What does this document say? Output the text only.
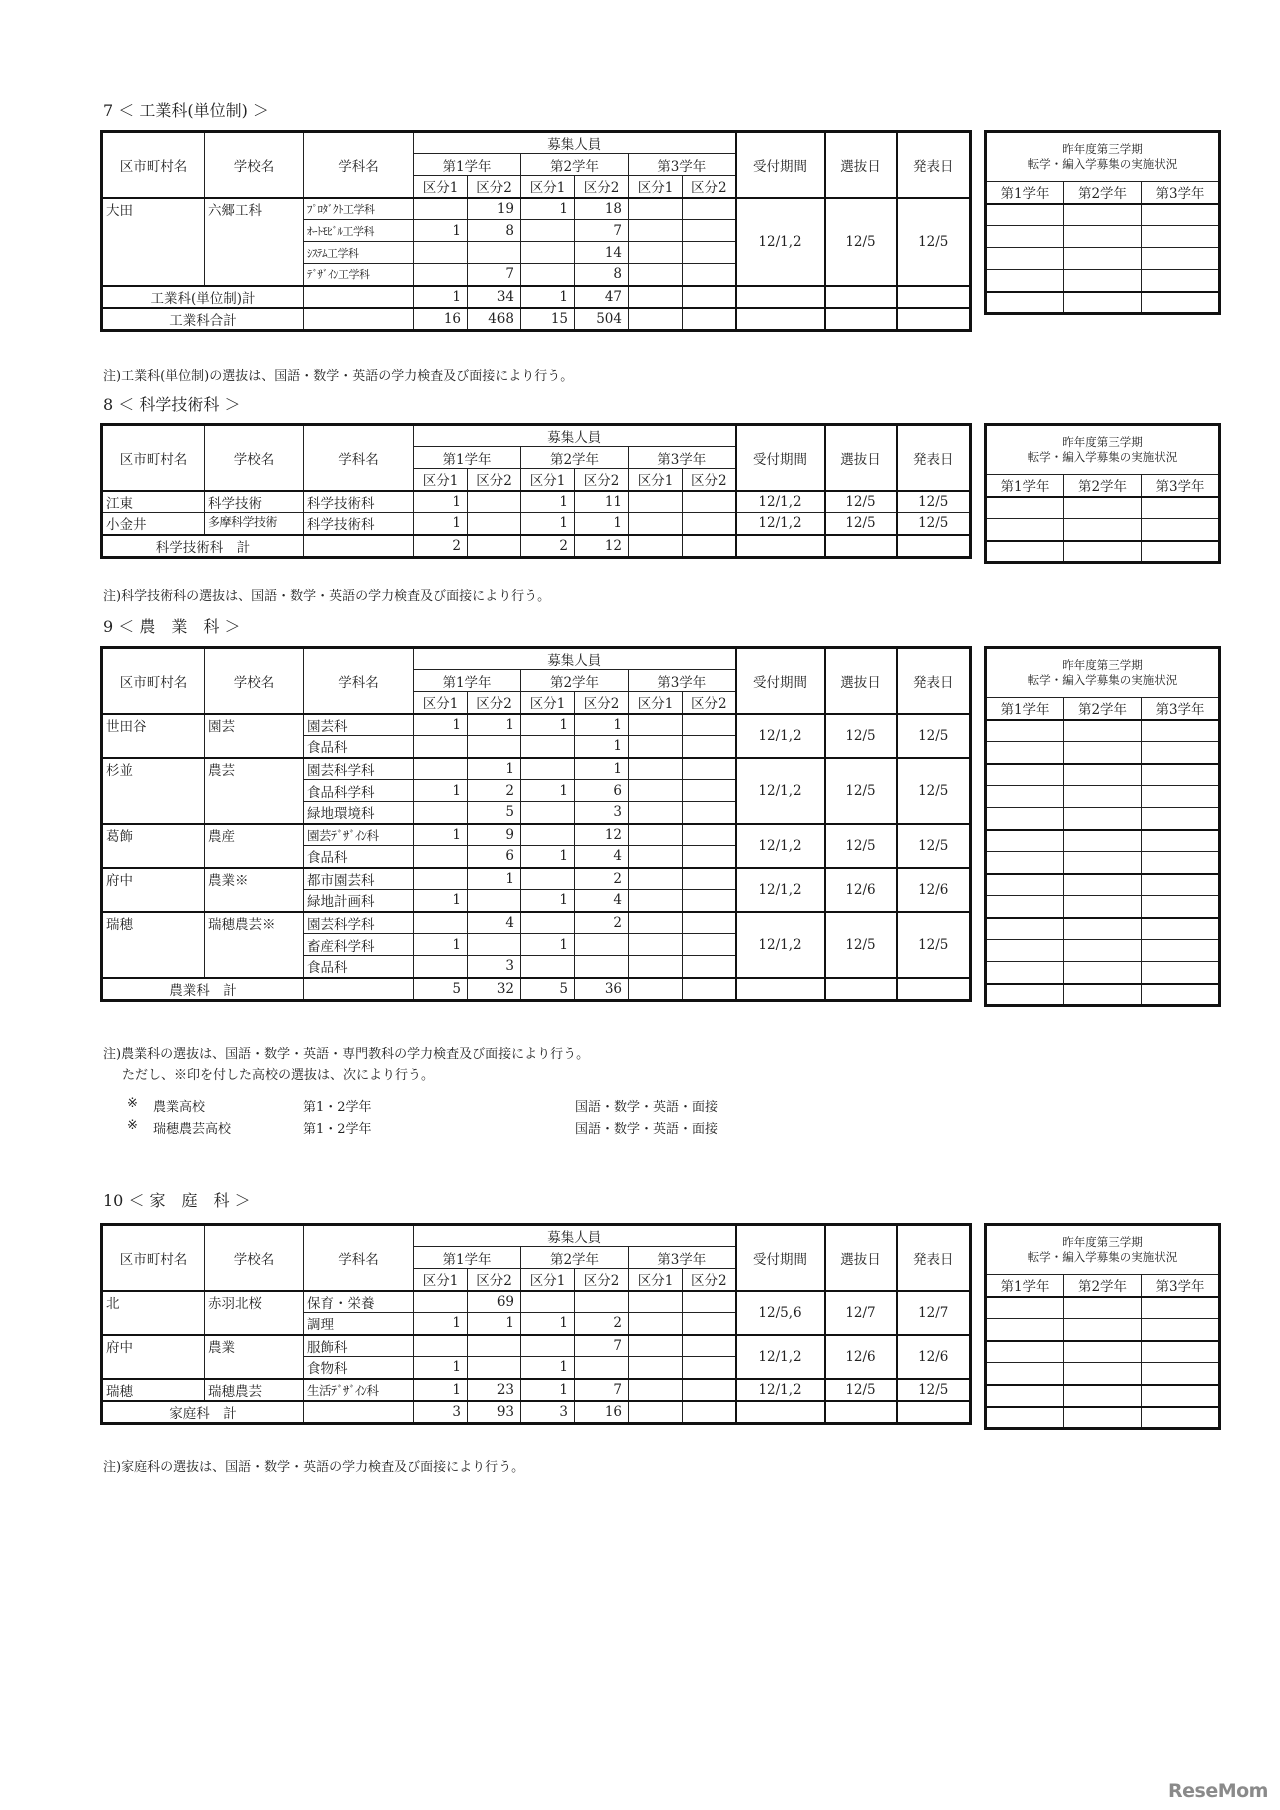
7 ＜ 工業科(単位制) ＞
区市町村名	学校名	学科名	募集人員						受付期間	選抜日	発表日
			第1学年		第2学年		第3学年				
			区分1	区分2	区分1	区分2	区分1	区分2			
大田	六郷工科	ﾌﾟﾛﾀﾞｸﾄ工学科		19	1	18			12/1,2	12/5	12/5
		ｵｰﾄﾓﾋﾞﾙ工学科	1	8		7					
		ｼｽﾃﾑ工学科				14					
		ﾃﾞｻﾞｲﾝ工学科		7		8					
工業科(単位制)計			1	34	1	47					
工業科合計			16	468	15	504					
昨年度第三学期
転学・編入学募集の実施状況		
第1学年	第2学年	第3学年

注)工業科(単位制)の選抜は、国語・数学・英語の学力検査及び面接により行う。
8 ＜ 科学技術科 ＞
区市町村名	学校名	学科名	募集人員						受付期間	選抜日	発表日
			第1学年		第2学年		第3学年				
			区分1	区分2	区分1	区分2	区分1	区分2			
江東	科学技術	科学技術科	1		1	11			12/1,2	12/5	12/5
小金井	多摩科学技術	科学技術科	1		1	1			12/1,2	12/5	12/5
科学技術科　計			2		2	12					
昨年度第三学期
転学・編入学募集の実施状況		
第1学年	第2学年	第3学年

注)科学技術科の選抜は、国語・数学・英語の学力検査及び面接により行う。
9 ＜ 農　業　科 ＞
区市町村名	学校名	学科名	募集人員						受付期間	選抜日	発表日
			第1学年		第2学年		第3学年				
			区分1	区分2	区分1	区分2	区分1	区分2			
世田谷	園芸	園芸科	1	1	1	1			12/1,2	12/5	12/5
		食品科				1					
杉並	農芸	園芸科学科		1		1			12/1,2	12/5	12/5
		食品科学科	1	2	1	6					
		緑地環境科		5		3					
葛飾	農産	園芸ﾃﾞｻﾞｲﾝ科	1	9		12			12/1,2	12/5	12/5
		食品科		6	1	4					
府中	農業※	都市園芸科		1		2			12/1,2	12/6	12/6
		緑地計画科	1		1	4					
瑞穂	瑞穂農芸※	園芸科学科		4		2			12/1,2	12/5	12/5
		畜産科学科	1		1						
		食品科		3							
農業科　計			5	32	5	36					
昨年度第三学期
転学・編入学募集の実施状況		
第1学年	第2学年	第3学年

注)農業科の選抜は、国語・数学・英語・専門教科の学力検査及び面接により行う。
ただし、※印を付した高校の選抜は、次により行う。
※ 農業高校	第1・2学年	国語・数学・英語・面接
※ 瑞穂農芸高校	第1・2学年	国語・数学・英語・面接
10 ＜ 家　庭　科 ＞
区市町村名	学校名	学科名	募集人員						受付期間	選抜日	発表日
			第1学年		第2学年		第3学年				
			区分1	区分2	区分1	区分2	区分1	区分2			
北	赤羽北桜	保育・栄養		69					12/5,6	12/7	12/7
		調理	1	1	1	2					
府中	農業	服飾科				7			12/1,2	12/6	12/6
		食物科	1		1						
瑞穂	瑞穂農芸	生活ﾃﾞｻﾞｲﾝ科	1	23	1	7			12/1,2	12/5	12/5
家庭科　計			3	93	3	16					
昨年度第三学期
転学・編入学募集の実施状況		
第1学年	第2学年	第3学年

注)家庭科の選抜は、国語・数学・英語の学力検査及び面接により行う。
ReseMom
